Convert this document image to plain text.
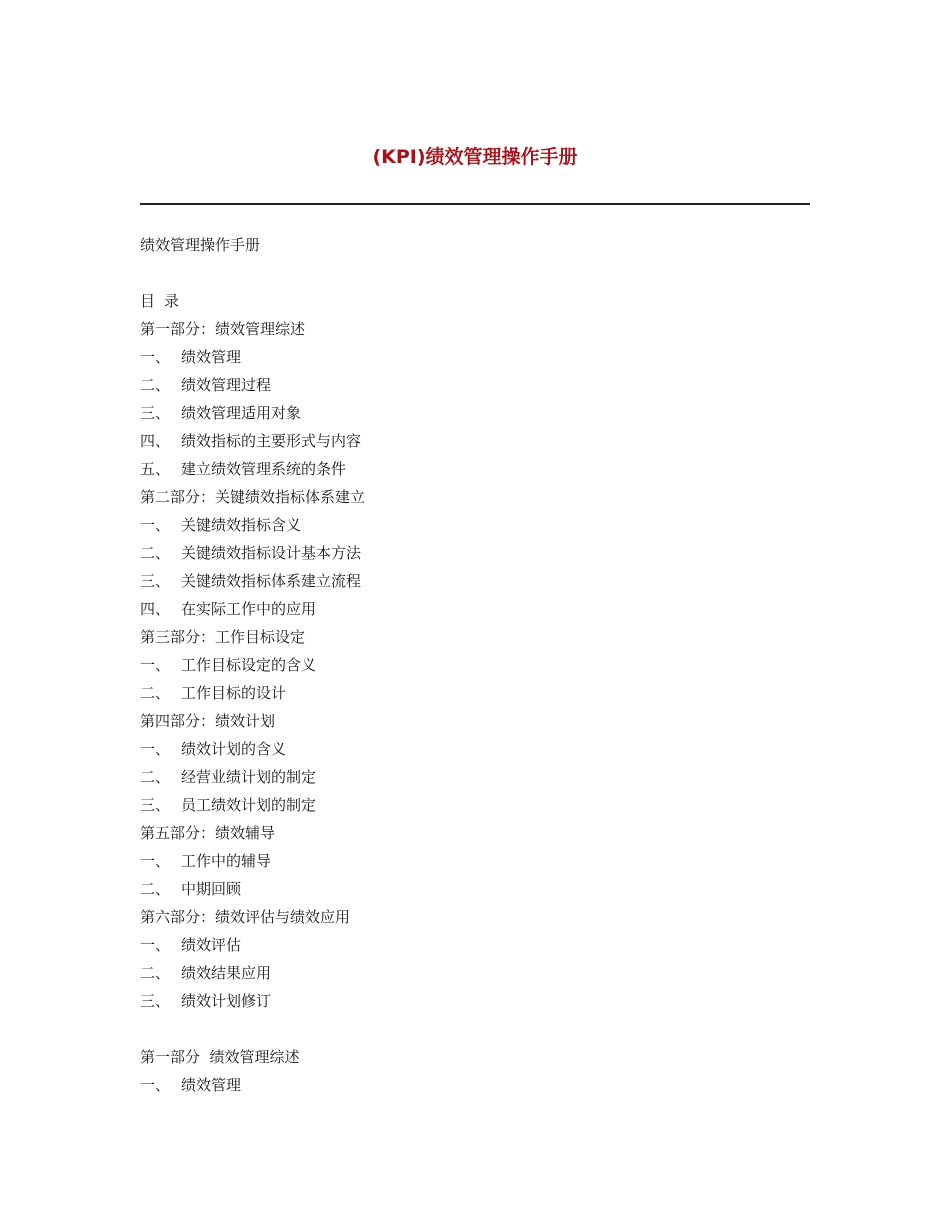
(KPI)绩效管理操作手册
绩效管理操作手册
目 录
第一部分：绩效管理综述
一、 绩效管理
二、 绩效管理过程
三、 绩效管理适用对象
四、 绩效指标的主要形式与内容
五、 建立绩效管理系统的条件
第二部分：关键绩效指标体系建立
一、 关键绩效指标含义
二、 关键绩效指标设计基本方法
三、 关键绩效指标体系建立流程
四、 在实际工作中的应用
第三部分：工作目标设定
一、 工作目标设定的含义
二、 工作目标的设计
第四部分：绩效计划
一、 绩效计划的含义
二、 经营业绩计划的制定
三、 员工绩效计划的制定
第五部分：绩效辅导
一、 工作中的辅导
二、 中期回顾
第六部分：绩效评估与绩效应用
一、 绩效评估
二、 绩效结果应用
三、 绩效计划修订
第一部分  绩效管理综述
一、 绩效管理
